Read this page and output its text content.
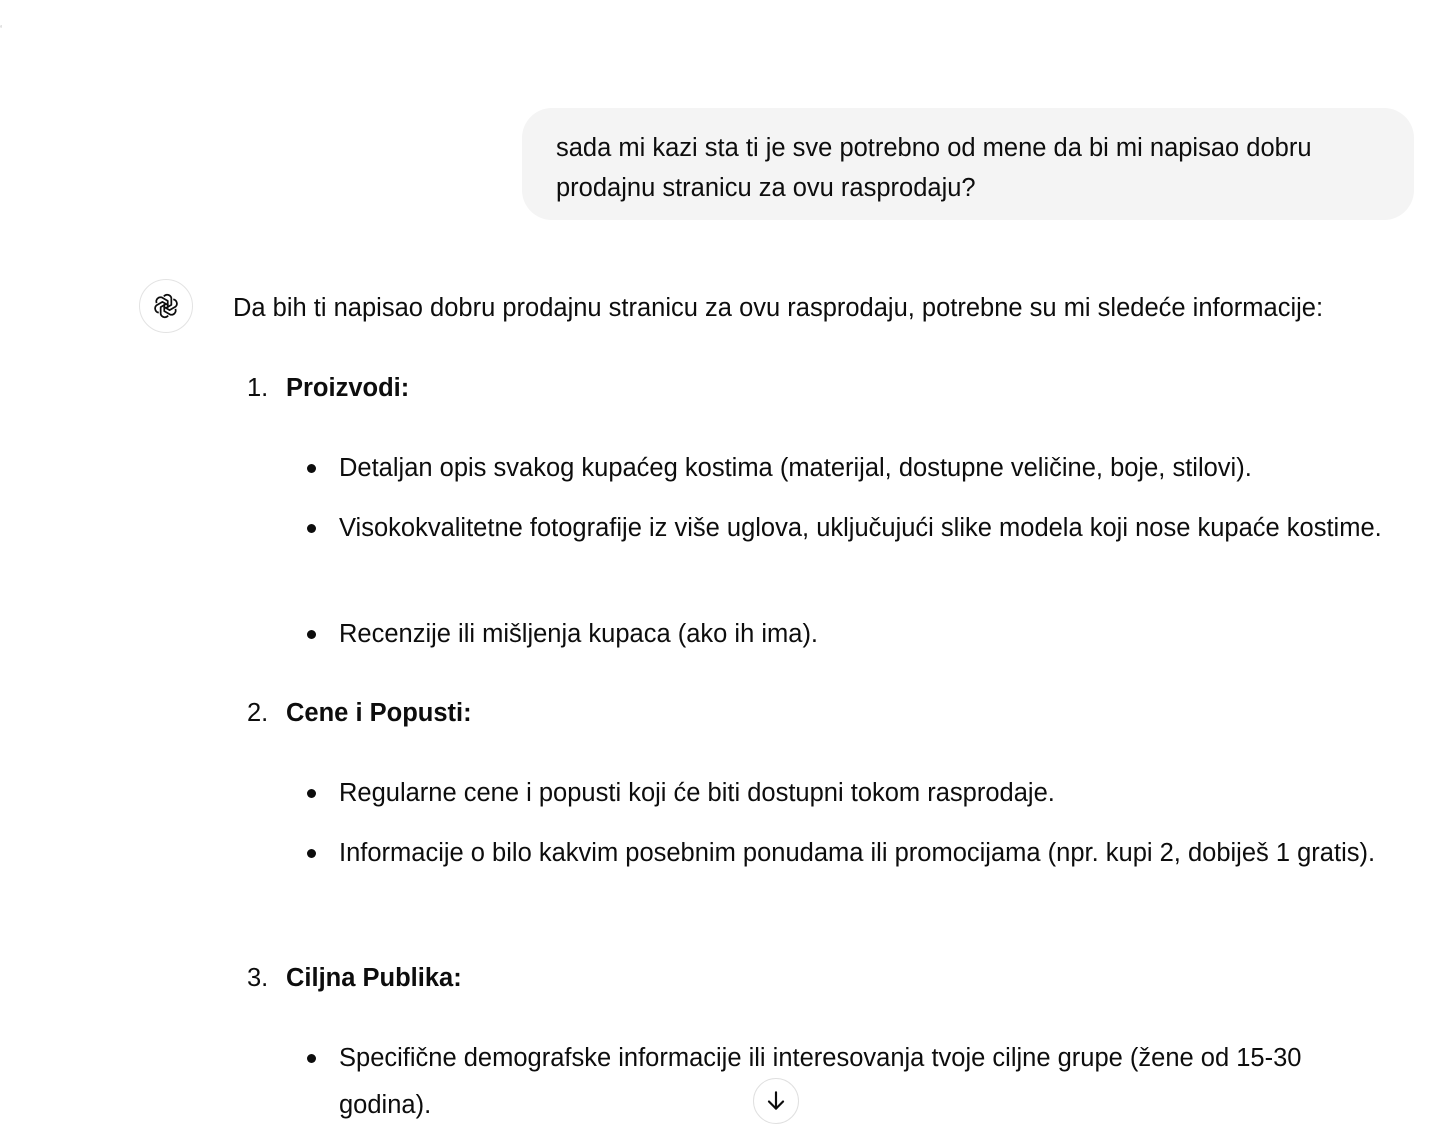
‘
sada mi kazi sta ti je sve potrebno od mene da bi mi napisao dobru prodajnu stranicu za ovu rasprodaju?
Da bih ti napisao dobru prodajnu stranicu za ovu rasprodaju, potrebne su mi sledeće informacije:
1. Proizvodi:
Detaljan opis svakog kupaćeg kostima (materijal, dostupne veličine, boje, stilovi).
Visokokvalitetne fotografije iz više uglova, uključujući slike modela koji nose kupaće kostime.
Recenzije ili mišljenja kupaca (ako ih ima).
2. Cene i Popusti:
Regularne cene i popusti koji će biti dostupni tokom rasprodaje.
Informacije o bilo kakvim posebnim ponudama ili promocijama (npr. kupi 2, dobiješ 1 gratis).
3. Ciljna Publika:
Specifične demografske informacije ili interesovanja tvoje ciljne grupe (žene od 15-30 godina).
